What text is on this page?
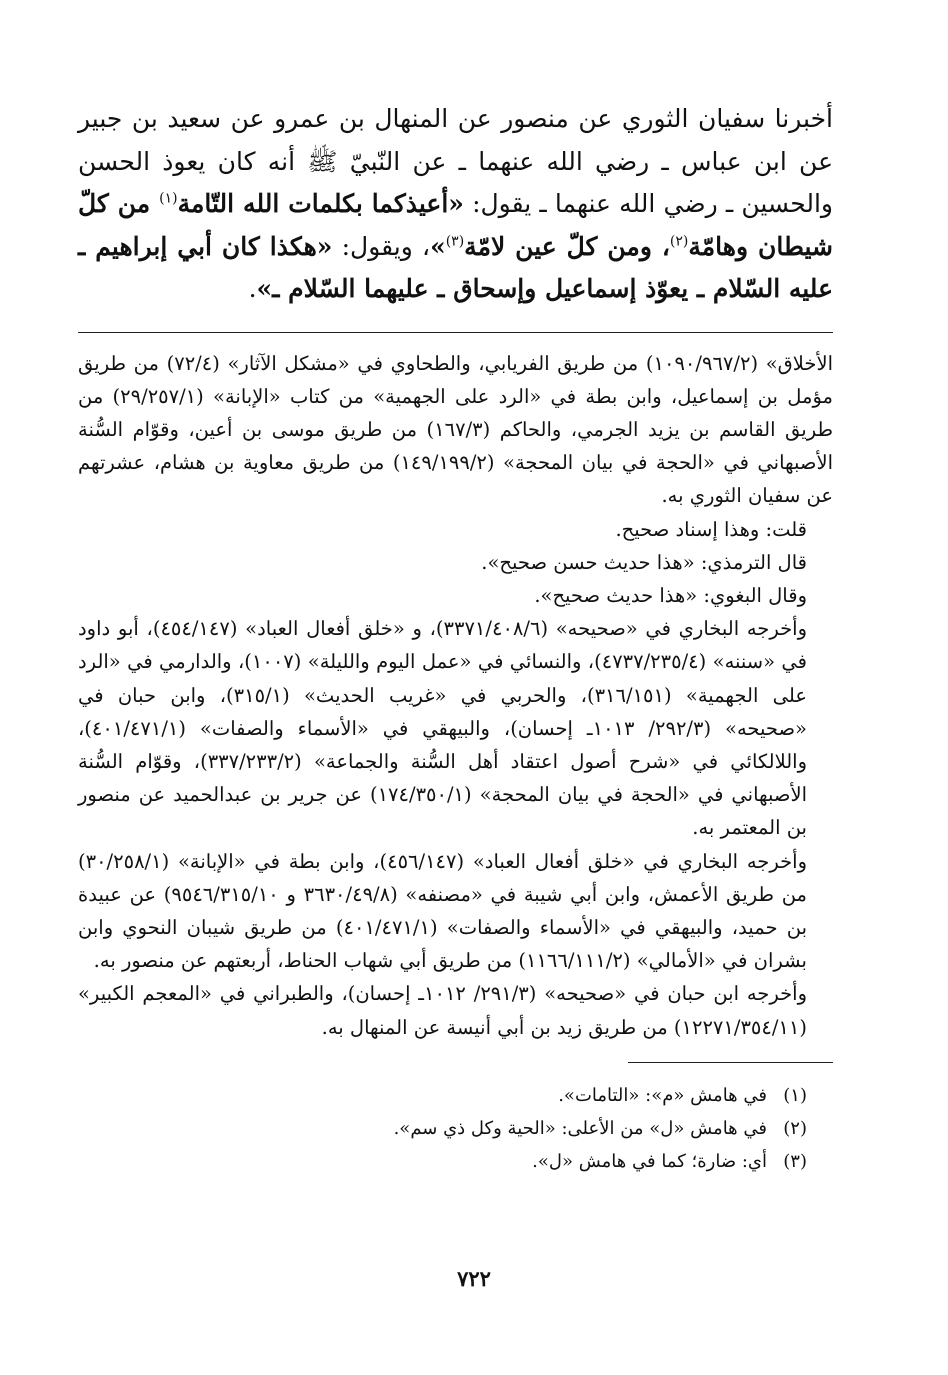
أخبرنا سفيان الثوري عن منصور عن المنهال بن عمرو عن سعيد بن جبير عن ابن عباس ـ رضي الله عنهما ـ عن النّبيّ ﷺ أنه كان يعوذ الحسن والحسين ـ رضي الله عنهما ـ يقول: «أعيذكما بكلمات الله التّامة$^{(١)}$ من كلّ شيطان وهامّة$^{(٢)}$، ومن كلّ عين لامّة$^{(٣)}$»، ويقول: «هكذا كان أبي إبراهيم ـ عليه السّلام ـ يعوّذ إسماعيل وإسحاق ـ عليهما السّلام ـ».

الأخلاق» (١٠٩٠/٩٦٧/٢) من طريق الفريابي، والطحاوي في «مشكل الآثار» (٧٢/٤) من طريق مؤمل بن إسماعيل، وابن بطة في «الرد على الجهمية» من كتاب «الإبانة» (٢٩/٢٥٧/١) من طريق القاسم بن يزيد الجرمي، والحاكم (١٦٧/٣) من طريق موسى بن أعين، وقوّام السُّنة الأصبهاني في «الحجة في بيان المحجة» (١٤٩/١٩٩/٢) من طريق معاوية بن هشام، عشرتهم عن سفيان الثوري به.

قلت: وهذا إسناد صحيح.

قال الترمذي: «هذا حديث حسن صحيح».

وقال البغوي: «هذا حديث صحيح».

وأخرجه البخاري في «صحيحه» (٣٣٧١/٤٠٨/٦)، و «خلق أفعال العباد» (٤٥٤/١٤٧)، أبو داود في «سننه» (٤٧٣٧/٢٣٥/٤)، والنسائي في «عمل اليوم والليلة» (١٠٠٧)، والدارمي في «الرد على الجهمية» (٣١٦/١٥١)، والحربي في «غريب الحديث» (٣١٥/١)، وابن حبان في «صحيحه» (٢٩٢/٣/ ١٠١٣ـ إحسان)، والبيهقي في «الأسماء والصفات» (٤٠١/٤٧١/١)، واللالكائي في «شرح أصول اعتقاد أهل السُّنة والجماعة» (٣٣٧/٢٣٣/٢)، وقوّام السُّنة الأصبهاني في «الحجة في بيان المحجة» (١٧٤/٣٥٠/١) عن جرير بن عبدالحميد عن منصور بن المعتمر به.

وأخرجه البخاري في «خلق أفعال العباد» (٤٥٦/١٤٧)، وابن بطة في «الإبانة» (٣٠/٢٥٨/١) من طريق الأعمش، وابن أبي شيبة في «مصنفه» (٣٦٣٠/٤٩/٨ و ٩٥٤٦/٣١٥/١٠) عن عبيدة بن حميد، والبيهقي في «الأسماء والصفات» (٤٠١/٤٧١/١) من طريق شيبان النحوي وابن بشران في «الأمالي» (١١٦٦/١١١/٢) من طريق أبي شهاب الحناط، أربعتهم عن منصور به.

وأخرجه ابن حبان في «صحيحه» (٢٩١/٣/ ١٠١٢ـ إحسان)، والطبراني في «المعجم الكبير» (١٢٢٧١/٣٥٤/١١) من طريق زيد بن أبي أنيسة عن المنهال به.

(١)في هامش «م»: «التامات».
(٢)في هامش «ل» من الأعلى: «الحية وكل ذي سم».
(٣)أي: ضارة؛ كما في هامش «ل».
٧٢٢
